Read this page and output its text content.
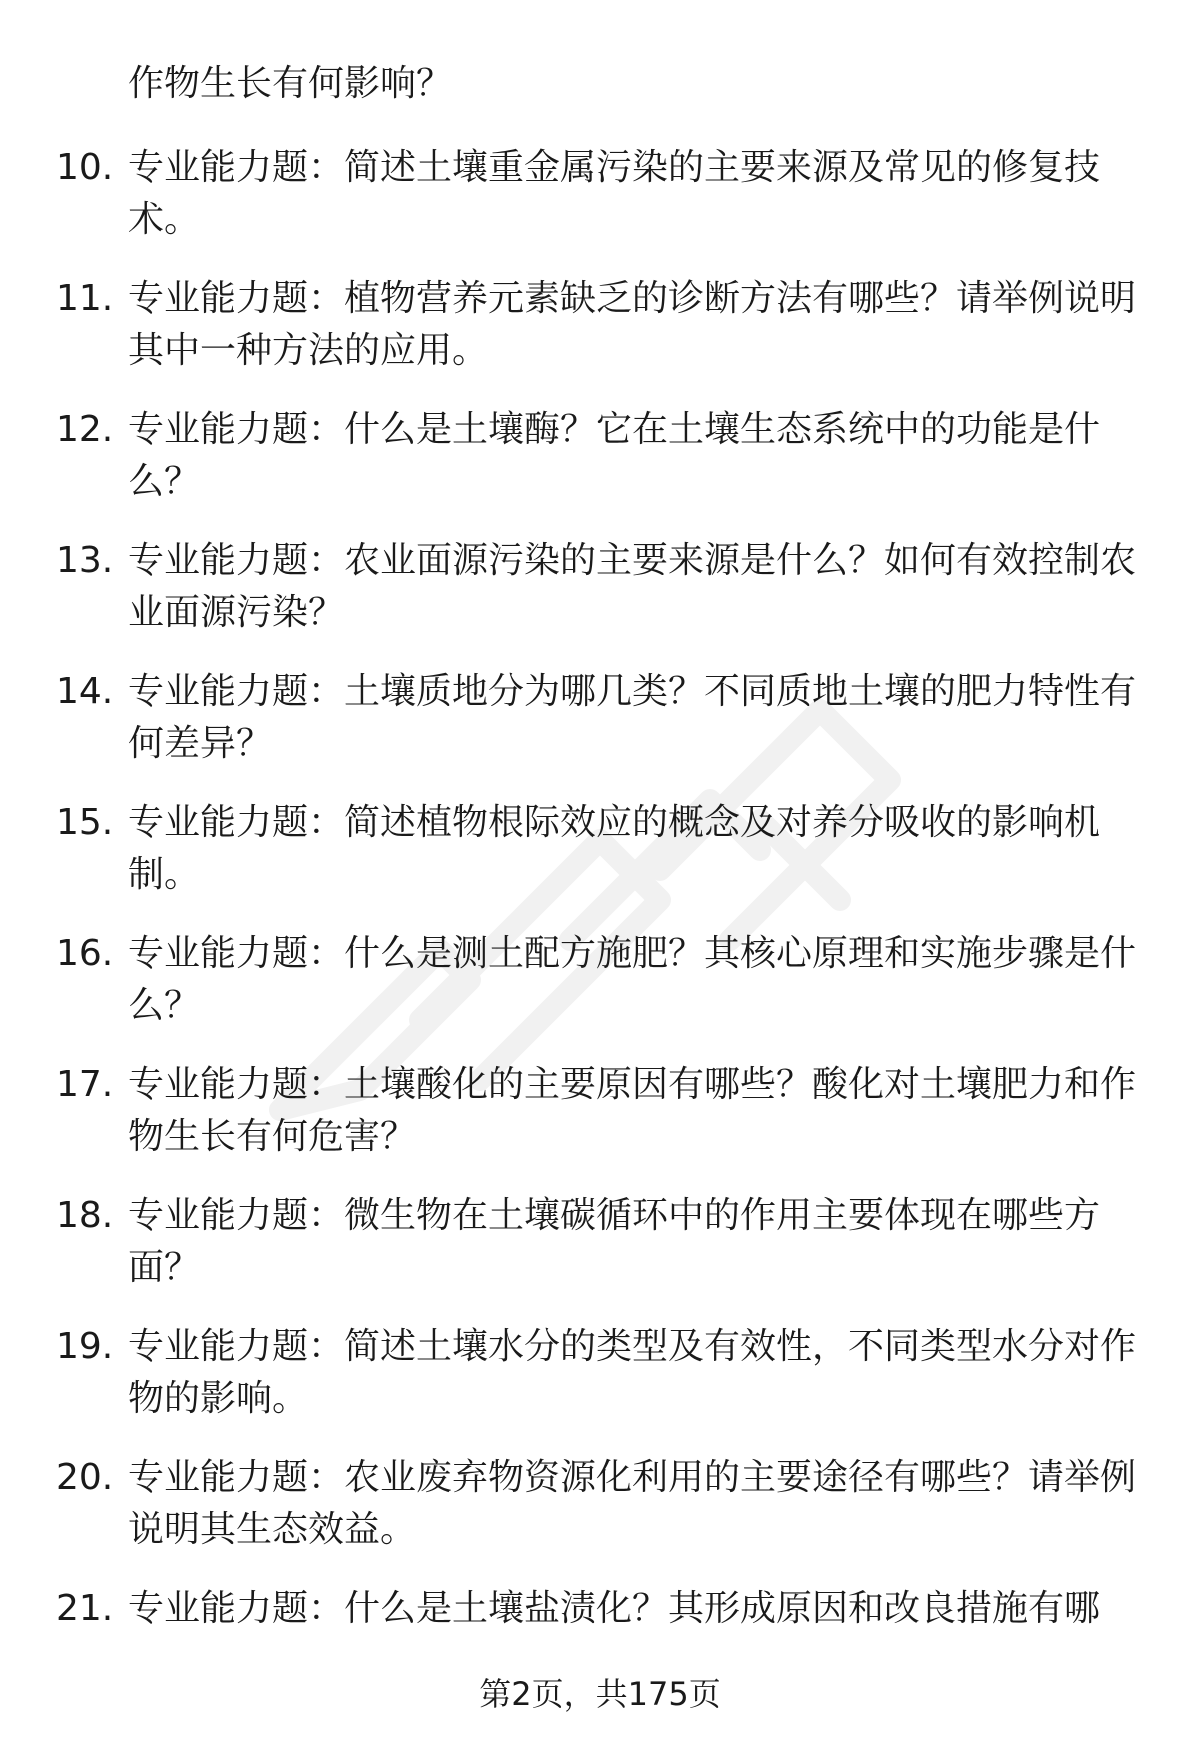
作物生长有何影响？
10. 专业能力题：简述土壤重金属污染的主要来源及常见的修复技术。
11. 专业能力题：植物营养元素缺乏的诊断方法有哪些？请举例说明其中一种方法的应用。
12. 专业能力题：什么是土壤酶？它在土壤生态系统中的功能是什么？
13. 专业能力题：农业面源污染的主要来源是什么？如何有效控制农业面源污染？
14. 专业能力题：土壤质地分为哪几类？不同质地土壤的肥力特性有何差异？
15. 专业能力题：简述植物根际效应的概念及对养分吸收的影响机制。
16. 专业能力题：什么是测土配方施肥？其核心原理和实施步骤是什么？
17. 专业能力题：土壤酸化的主要原因有哪些？酸化对土壤肥力和作物生长有何危害？
18. 专业能力题：微生物在土壤碳循环中的作用主要体现在哪些方面？
19. 专业能力题：简述土壤水分的类型及有效性，不同类型水分对作物的影响。
20. 专业能力题：农业废弃物资源化利用的主要途径有哪些？请举例说明其生态效益。
21. 专业能力题：什么是土壤盐渍化？其形成原因和改良措施有哪
第2页，共175页
